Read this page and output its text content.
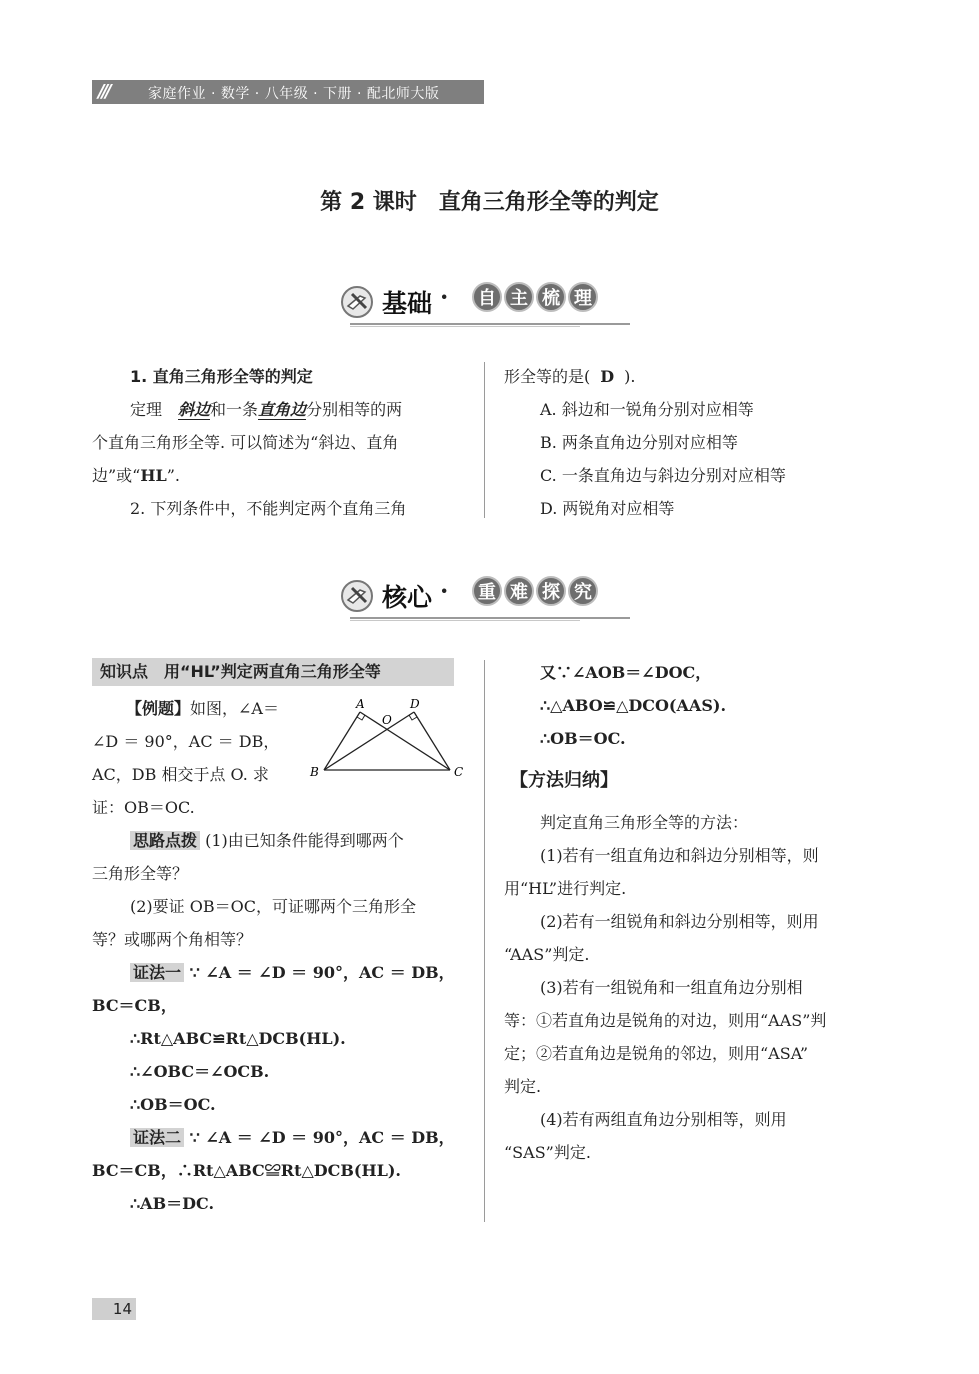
///	家庭作业 · 数学 · 八年级 · 下册 · 配北师大版
第 2 课时　直角三角形全等的判定
基础 ·	自 主 梳 理
1. 直角三角形全等的判定
定理　斜边和一条直角边分别相等的两
个直角三角形全等. 可以简述为“斜边、直角
边”或“HL”.
2. 下列条件中，不能判定两个直角三角
形全等的是( D ).
A. 斜边和一锐角分别对应相等
B. 两条直角边分别对应相等
C. 一条直角边与斜边分别对应相等
D. 两锐角对应相等
核心 ·	重 难 探 究
知识点　用“HL”判定两直角三角形全等
【例题】如图，∠A＝
∠D ＝ 90°，AC ＝ DB，
AC，DB 相交于点 O. 求
证：OB＝OC.
A	D
O
B	C
思路点拨 (1)由已知条件能得到哪两个
三角形全等？
(2)要证 OB＝OC，可证哪两个三角形全
等？或哪两个角相等？
证法一 ∵ ∠A ＝ ∠D ＝ 90°，AC ＝ DB，
BC＝CB，
∴Rt△ABC≌Rt△DCB(HL).
∴∠OBC＝∠OCB.
∴OB＝OC.
证法二 ∵ ∠A ＝ ∠D ＝ 90°，AC ＝ DB，
BC＝CB，∴Rt△ABC≌Rt△DCB(HL).
∴AB＝DC.
又∵∠AOB＝∠DOC，
∴△ABO≌△DCO(AAS).
∴OB＝OC.
【方法归纳】
判定直角三角形全等的方法：
(1)若有一组直角边和斜边分别相等，则
用“HL”进行判定.
(2)若有一组锐角和斜边分别相等，则用
“AAS”判定.
(3)若有一组锐角和一组直角边分别相
等：①若直角边是锐角的对边，则用“AAS”判
定；②若直角边是锐角的邻边，则用“ASA”
判定.
(4)若有两组直角边分别相等，则用
“SAS”判定.
14
